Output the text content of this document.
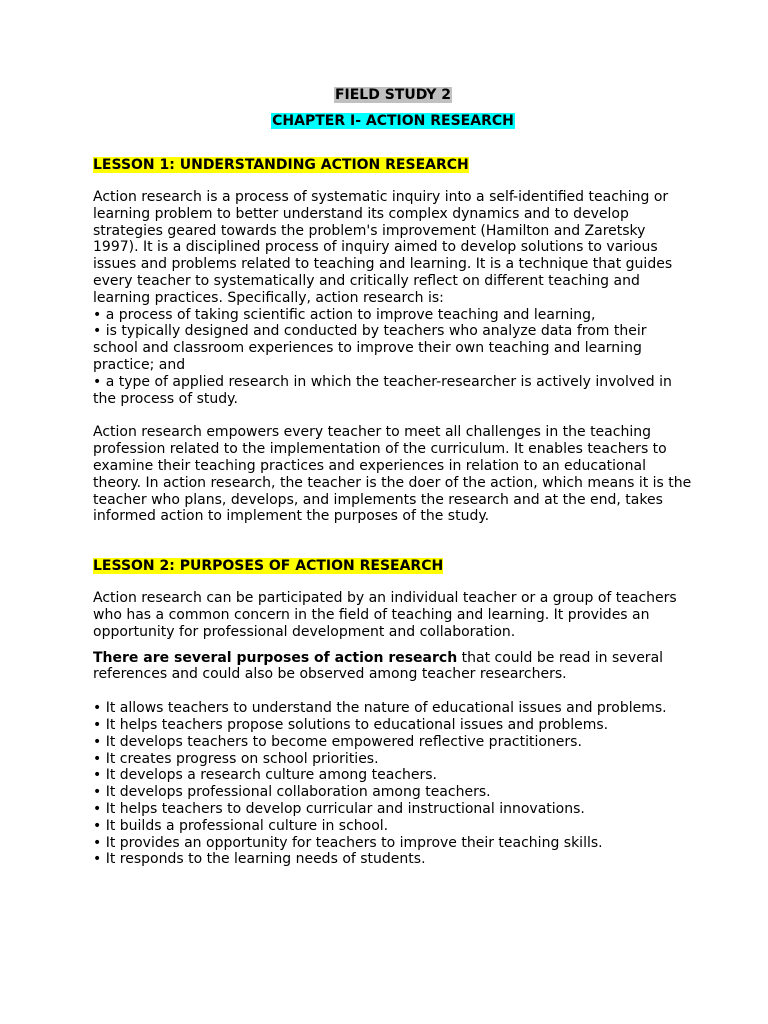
FIELD STUDY 2

CHAPTER I- ACTION RESEARCH

LESSON 1: UNDERSTANDING ACTION RESEARCH

Action research is a process of systematic inquiry into a self-identified teaching or learning problem to better understand its complex dynamics and to develop strategies geared towards the problem's improvement (Hamilton and Zaretsky 1997). It is a disciplined process of inquiry aimed to develop solutions to various issues and problems related to teaching and learning. It is a technique that guides every teacher to systematically and critically reflect on different teaching and learning practices. Specifically, action research is:

• a process of taking scientific action to improve teaching and learning,

• is typically designed and conducted by teachers who analyze data from their school and classroom experiences to improve their own teaching and learning practice; and

• a type of applied research in which the teacher-researcher is actively involved in the process of study.

Action research empowers every teacher to meet all challenges in the teaching profession related to the implementation of the curriculum. It enables teachers to examine their teaching practices and experiences in relation to an educational theory. In action research, the teacher is the doer of the action, which means it is the teacher who plans, develops, and implements the research and at the end, takes informed action to implement the purposes of the study.

LESSON 2: PURPOSES OF ACTION RESEARCH

Action research can be participated by an individual teacher or a group of teachers who has a common concern in the field of teaching and learning. It provides an opportunity for professional development and collaboration.

There are several purposes of action research that could be read in several references and could also be observed among teacher researchers.

• It allows teachers to understand the nature of educational issues and problems.

• It helps teachers propose solutions to educational issues and problems.

• It develops teachers to become empowered reflective practitioners.

• It creates progress on school priorities.

• It develops a research culture among teachers.

• It develops professional collaboration among teachers.

• It helps teachers to develop curricular and instructional innovations.

• It builds a professional culture in school.

• It provides an opportunity for teachers to improve their teaching skills.

• It responds to the learning needs of students.
